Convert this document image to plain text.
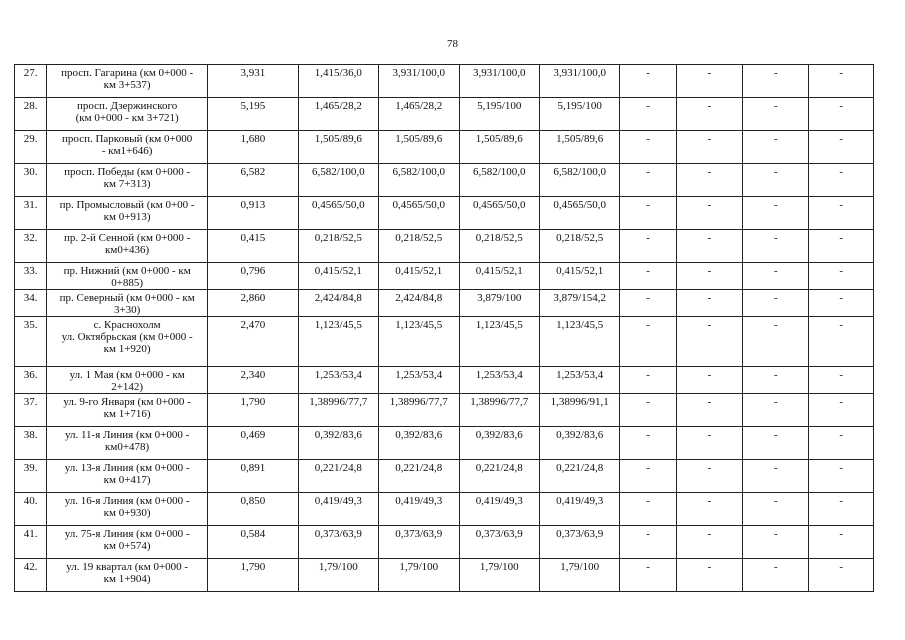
78
27.	просп. Гагарина (км 0+000 -
км 3+537)	3,931	1,415/36,0	3,931/100,0	3,931/100,0	3,931/100,0	-	-	-	-
28.	просп. Дзержинского
(км 0+000 - км 3+721)	5,195	1,465/28,2	1,465/28,2	5,195/100	5,195/100	-	-	-	-
29.	просп. Парковый (км 0+000
- км1+646)	1,680	1,505/89,6	1,505/89,6	1,505/89,6	1,505/89,6	-	-	-	-
30.	просп. Победы (км 0+000 -
км 7+313)	6,582	6,582/100,0	6,582/100,0	6,582/100,0	6,582/100,0	-	-	-	-
31.	пр. Промысловый (км 0+00 -
км 0+913)	0,913	0,4565/50,0	0,4565/50,0	0,4565/50,0	0,4565/50,0	-	-	-	-
32.	пр. 2-й Сенной (км 0+000 -
км0+436)	0,415	0,218/52,5	0,218/52,5	0,218/52,5	0,218/52,5	-	-	-	-
33.	пр. Нижний (км 0+000 - км
0+885)	0,796	0,415/52,1	0,415/52,1	0,415/52,1	0,415/52,1	-	-	-	-
34.	пр. Северный (км 0+000 - км
3+30)	2,860	2,424/84,8	2,424/84,8	3,879/100	3,879/154,2	-	-	-	-
35.	с. Краснохолм
ул. Октябрьская (км 0+000 -
км 1+920)	2,470	1,123/45,5	1,123/45,5	1,123/45,5	1,123/45,5	-	-	-	-
36.	ул. 1 Мая (км 0+000 - км
2+142)	2,340	1,253/53,4	1,253/53,4	1,253/53,4	1,253/53,4	-	-	-	-
37.	ул. 9-го Января (км 0+000 -
км 1+716)	1,790	1,38996/77,7	1,38996/77,7	1,38996/77,7	1,38996/91,1	-	-	-	-
38.	ул. 11-я Линия (км 0+000 -
км0+478)	0,469	0,392/83,6	0,392/83,6	0,392/83,6	0,392/83,6	-	-	-	-
39.	ул. 13-я Линия (км 0+000 -
км 0+417)	0,891	0,221/24,8	0,221/24,8	0,221/24,8	0,221/24,8	-	-	-	-
40.	ул. 16-я Линия (км 0+000 -
км 0+930)	0,850	0,419/49,3	0,419/49,3	0,419/49,3	0,419/49,3	-	-	-	-
41.	ул. 75-я Линия (км 0+000 -
км 0+574)	0,584	0,373/63,9	0,373/63,9	0,373/63,9	0,373/63,9	-	-	-	-
42.	ул. 19 квартал (км 0+000 -
км 1+904)	1,790	1,79/100	1,79/100	1,79/100	1,79/100	-	-	-	-
